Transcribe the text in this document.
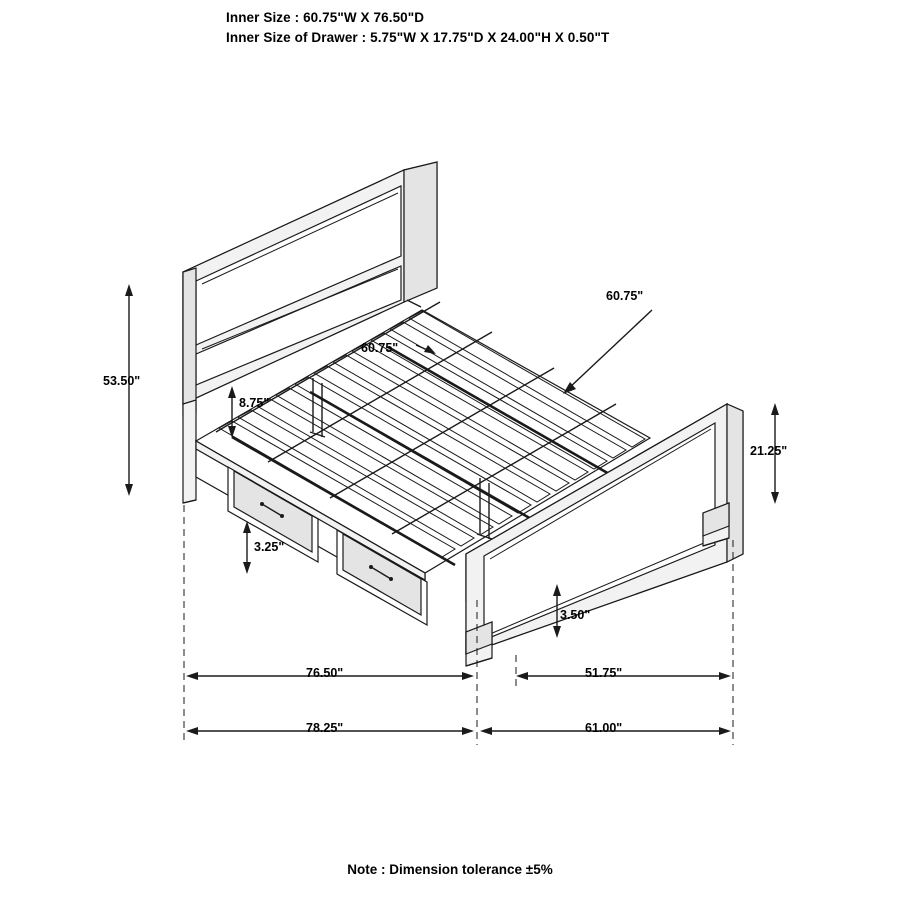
Inner Size : 60.75"W X 76.50"D
Inner Size of Drawer : 5.75"W X 17.75"D X 24.00"H X 0.50"T
53.50"
8.75"
3.25"
3.50"
21.25"
60.75"
60.75"
76.50"	51.75"
78.25"	61.00"
Note : Dimension tolerance ±5%
